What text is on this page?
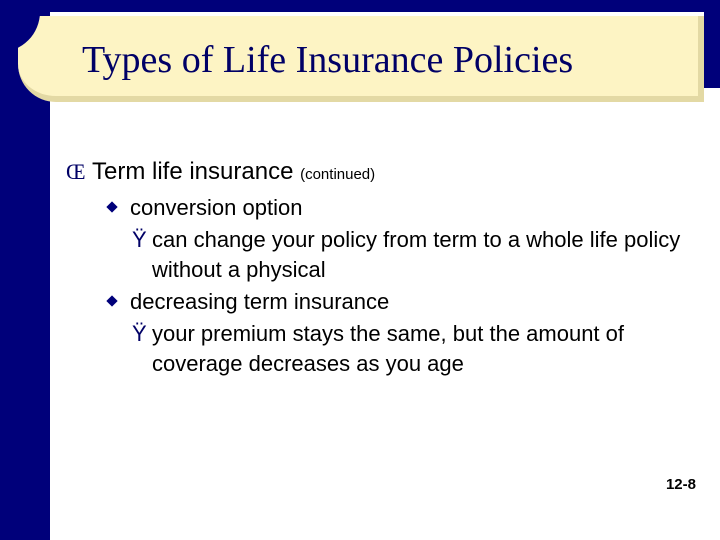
Types of Life Insurance Policies
Œ Term life insurance (continued)
conversion option
Ÿ can change your policy from term to a whole life policy without a physical
decreasing term insurance
Ÿ your premium stays the same, but the amount of coverage decreases as you age
12-8
